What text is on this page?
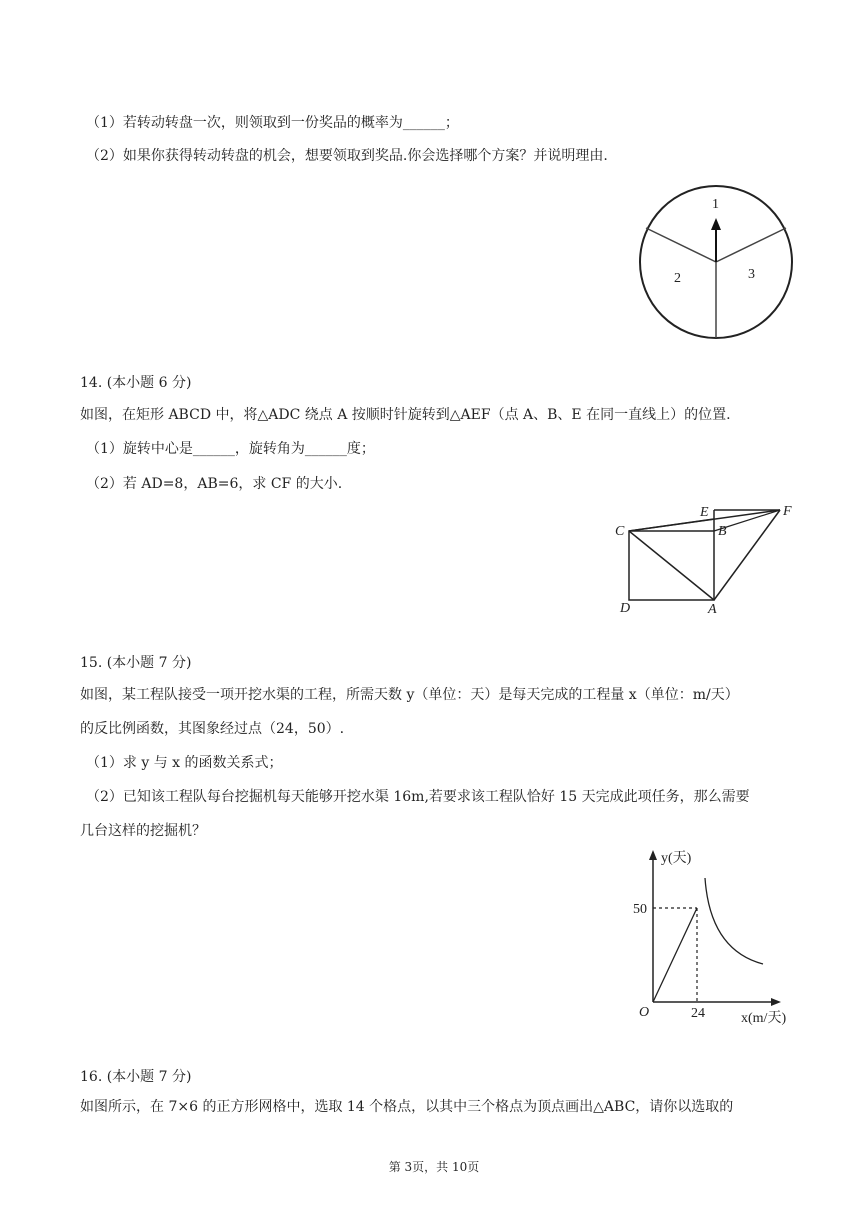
（1）若转动转盘一次，则领取到一份奖品的概率为______；
（2）如果你获得转动转盘的机会，想要领取到奖品.你会选择哪个方案？并说明理由.
1
2	3
14. (本小题 6 分)
如图，在矩形 ABCD 中，将△ADC 绕点 A 按顺时针旋转到△AEF（点 A、B、E 在同一直线上）的位置.
（1）旋转中心是______，旋转角为______度；
（2）若 AD=8，AB=6，求 CF 的大小.
E	F
C	B
D	A
15. (本小题 7 分)
如图，某工程队接受一项开挖水渠的工程，所需天数 y（单位：天）是每天完成的工程量 x（单位：m/天）
的反比例函数，其图象经过点（24，50）.
（1）求 y 与 x 的函数关系式；
（2）已知该工程队每台挖掘机每天能够开挖水渠 16m,若要求该工程队恰好 15 天完成此项任务，那么需要
几台这样的挖掘机？
y(天)
x(m/天)
O
50
24
16. (本小题 7 分)
如图所示，在 7×6 的正方形网格中，选取 14 个格点，以其中三个格点为顶点画出△ABC，请你以选取的
第 3页，共 10页
